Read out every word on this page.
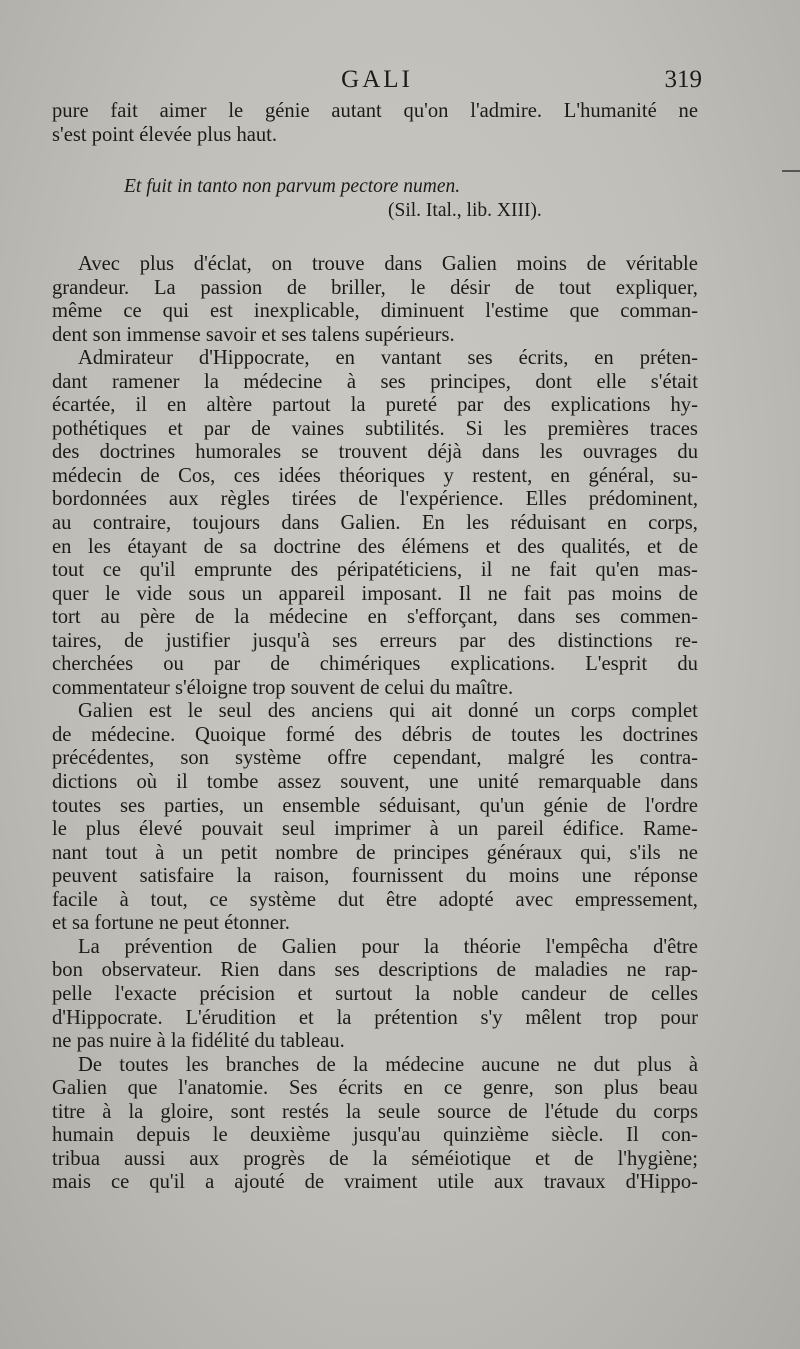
GALI	319
pure fait aimer le génie autant qu'on l'admire. L'humanité ne
s'est point élevée plus haut.
Et fuit in tanto non parvum pectore numen.
(Sil. Ital., lib. XIII).
Avec plus d'éclat, on trouve dans Galien moins de véritable
grandeur. La passion de briller, le désir de tout expliquer,
même ce qui est inexplicable, diminuent l'estime que comman-
dent son immense savoir et ses talens supérieurs.
Admirateur d'Hippocrate, en vantant ses écrits, en préten-
dant ramener la médecine à ses principes, dont elle s'était
écartée, il en altère partout la pureté par des explications hy-
pothétiques et par de vaines subtilités. Si les premières traces
des doctrines humorales se trouvent déjà dans les ouvrages du
médecin de Cos, ces idées théoriques y restent, en général, su-
bordonnées aux règles tirées de l'expérience. Elles prédominent,
au contraire, toujours dans Galien. En les réduisant en corps,
en les étayant de sa doctrine des élémens et des qualités, et de
tout ce qu'il emprunte des péripatéticiens, il ne fait qu'en mas-
quer le vide sous un appareil imposant. Il ne fait pas moins de
tort au père de la médecine en s'efforçant, dans ses commen-
taires, de justifier jusqu'à ses erreurs par des distinctions re-
cherchées ou par de chimériques explications. L'esprit du
commentateur s'éloigne trop souvent de celui du maître.
Galien est le seul des anciens qui ait donné un corps complet
de médecine. Quoique formé des débris de toutes les doctrines
précédentes, son système offre cependant, malgré les contra-
dictions où il tombe assez souvent, une unité remarquable dans
toutes ses parties, un ensemble séduisant, qu'un génie de l'ordre
le plus élevé pouvait seul imprimer à un pareil édifice. Rame-
nant tout à un petit nombre de principes généraux qui, s'ils ne
peuvent satisfaire la raison, fournissent du moins une réponse
facile à tout, ce système dut être adopté avec empressement,
et sa fortune ne peut étonner.
La prévention de Galien pour la théorie l'empêcha d'être
bon observateur. Rien dans ses descriptions de maladies ne rap-
pelle l'exacte précision et surtout la noble candeur de celles
d'Hippocrate. L'érudition et la prétention s'y mêlent trop pour
ne pas nuire à la fidélité du tableau.
De toutes les branches de la médecine aucune ne dut plus à
Galien que l'anatomie. Ses écrits en ce genre, son plus beau
titre à la gloire, sont restés la seule source de l'étude du corps
humain depuis le deuxième jusqu'au quinzième siècle. Il con-
tribua aussi aux progrès de la séméiotique et de l'hygiène;
mais ce qu'il a ajouté de vraiment utile aux travaux d'Hippo-
